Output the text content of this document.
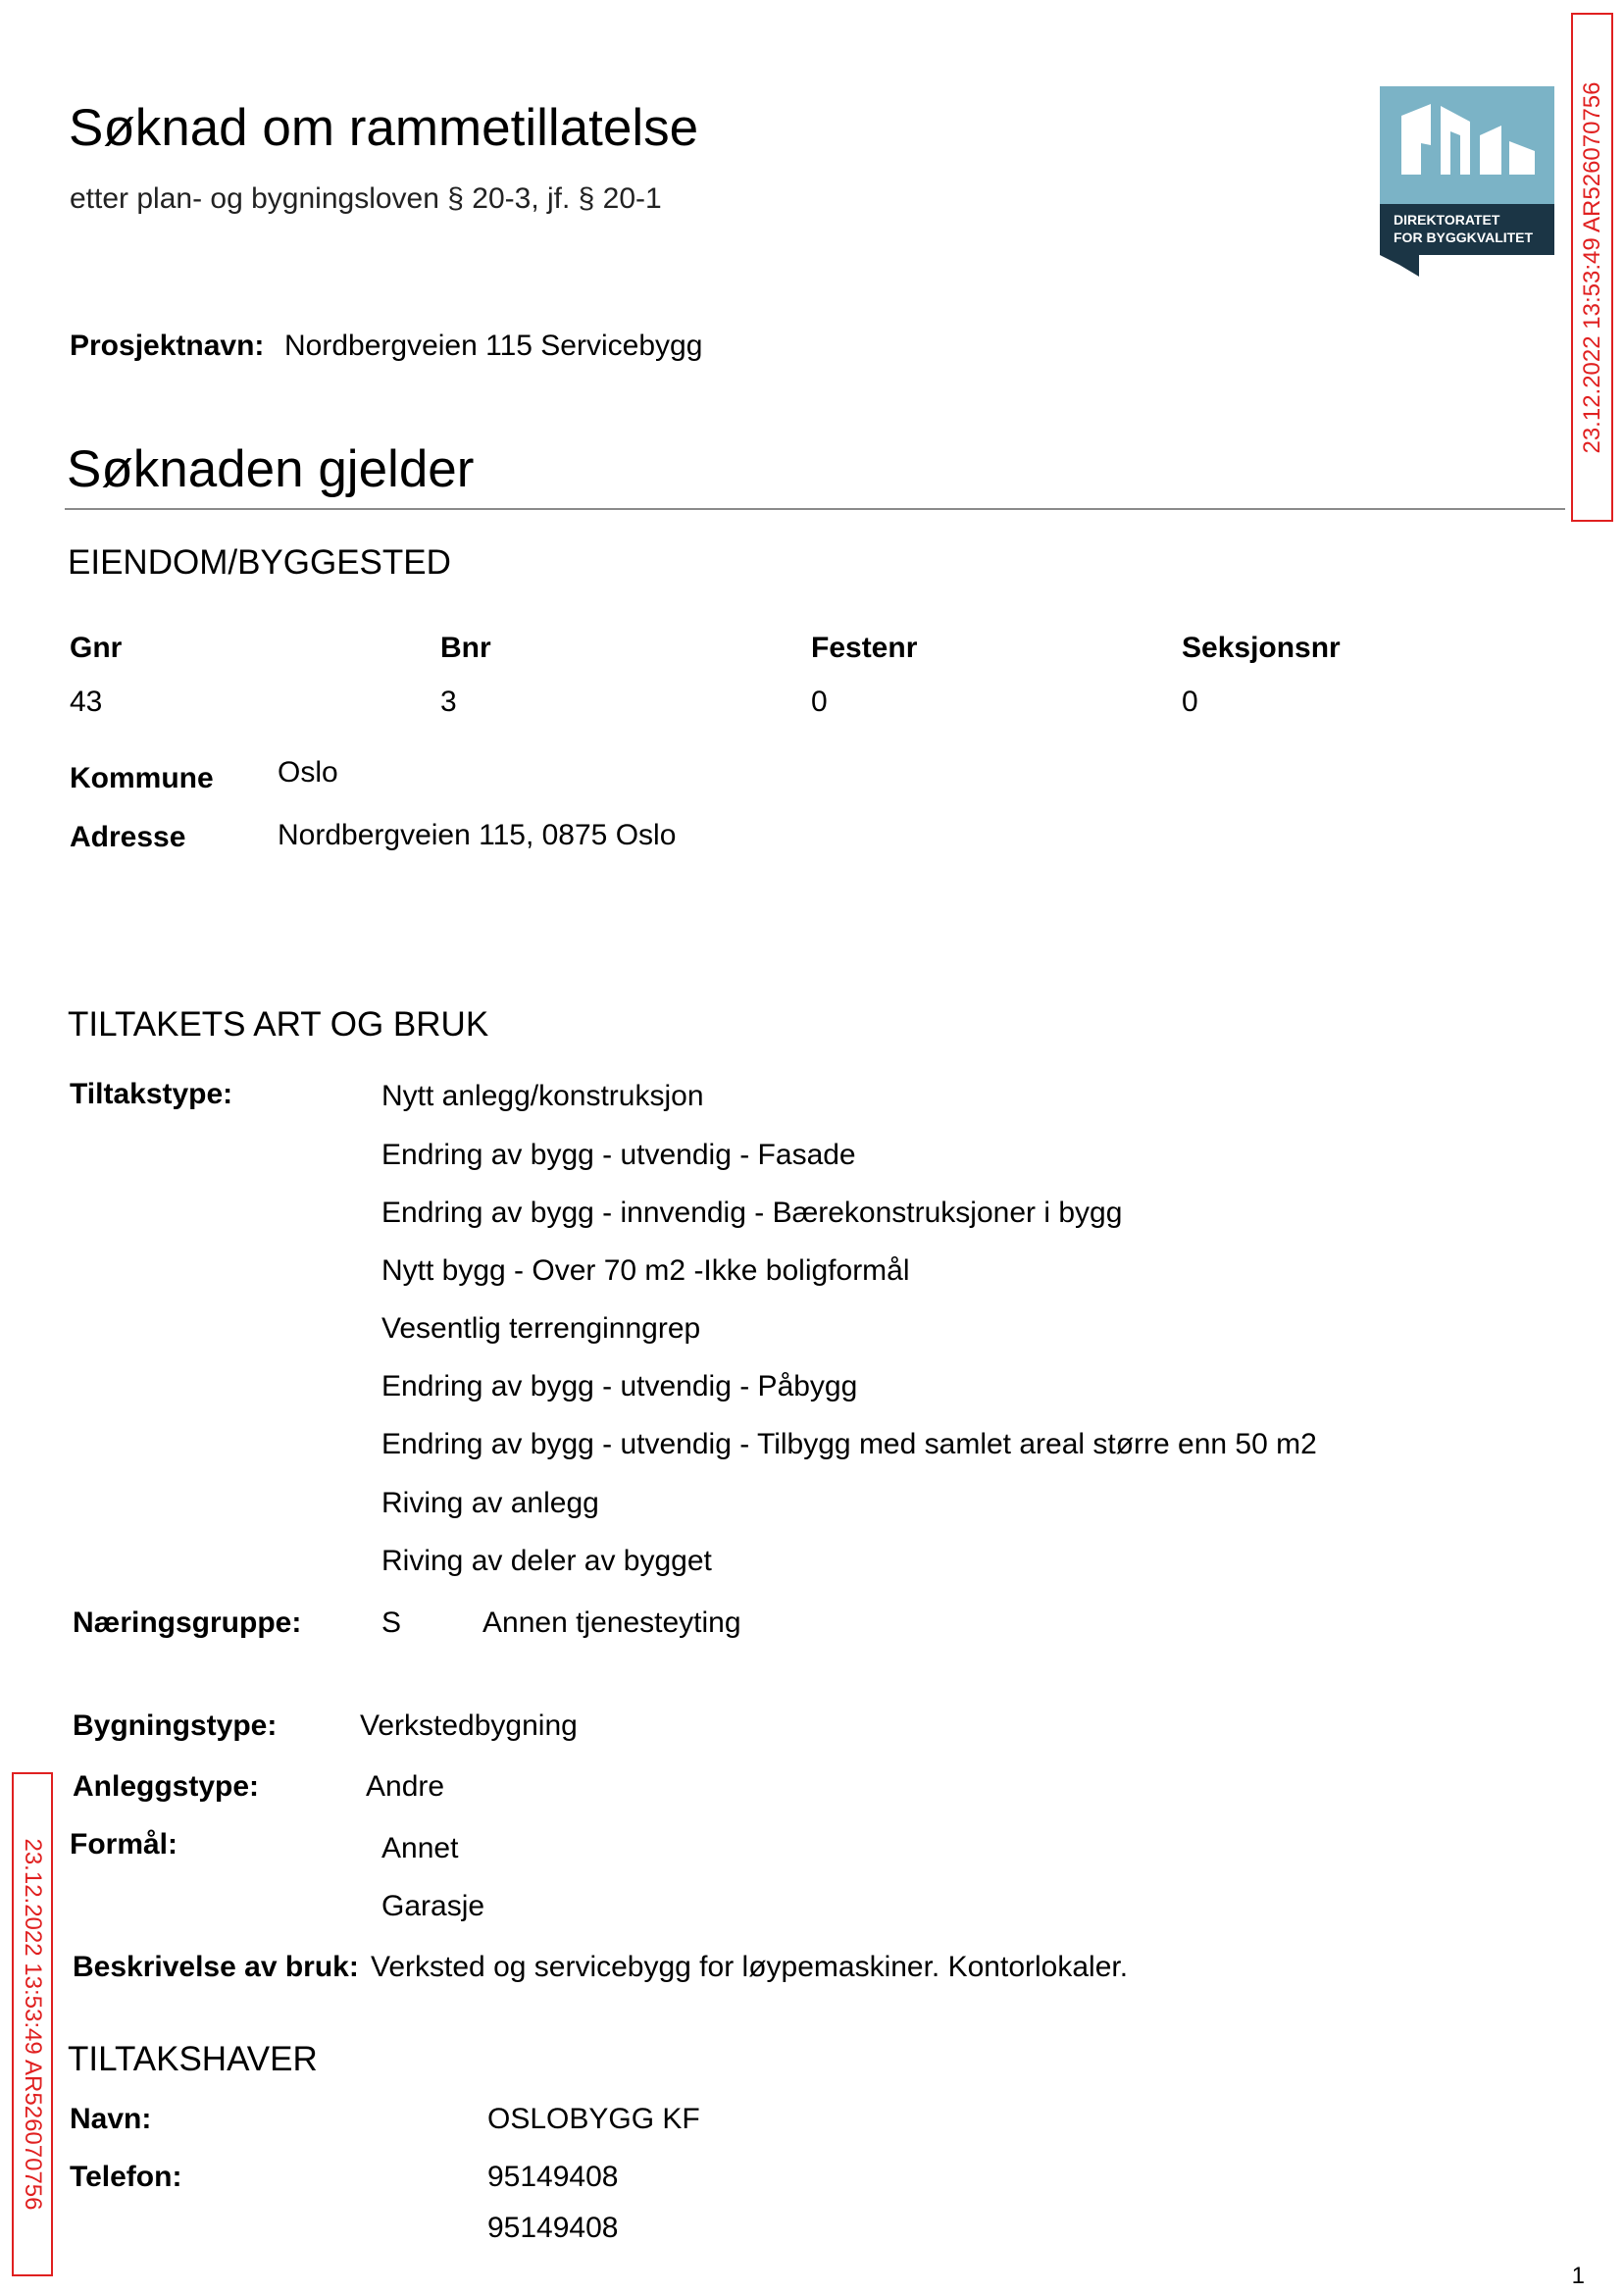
Søknad om rammetillatelse
etter plan- og bygningsloven § 20-3, jf. § 20-1
DIREKTORATET
FOR BYGGKVALITET 23.12.2022 13:53:49 AR526070756
23.12.2022 13:53:49 AR526070756
Prosjektnavn: Nordbergveien 115 Servicebygg
Søknaden gjelder
EIENDOM/BYGGESTED
Gnr	Bnr	Festenr	Seksjonsnr
43	3	0	0
Kommune Oslo
Adresse	Nordbergveien 115, 0875 Oslo
TILTAKETS ART OG BRUK
Tiltakstype:	Nytt anlegg/konstruksjon
Endring av bygg - utvendig - Fasade
Endring av bygg - innvendig - Bærekonstruksjoner i bygg
Nytt bygg - Over 70 m2 -Ikke boligformål
Vesentlig terrenginngrep
Endring av bygg - utvendig - Påbygg
Endring av bygg - utvendig - Tilbygg med samlet areal større enn 50 m2
Riving av anlegg
Riving av deler av bygget
Næringsgruppe:	S	Annen tjenesteyting
Bygningstype:	Verkstedbygning
Anleggstype:	Andre
Formål:	Annet
Garasje
Beskrivelse av bruk: Verksted og servicebygg for løypemaskiner. Kontorlokaler.
TILTAKSHAVER
Navn:	OSLOBYGG KF
Telefon:	95149408
95149408
1
